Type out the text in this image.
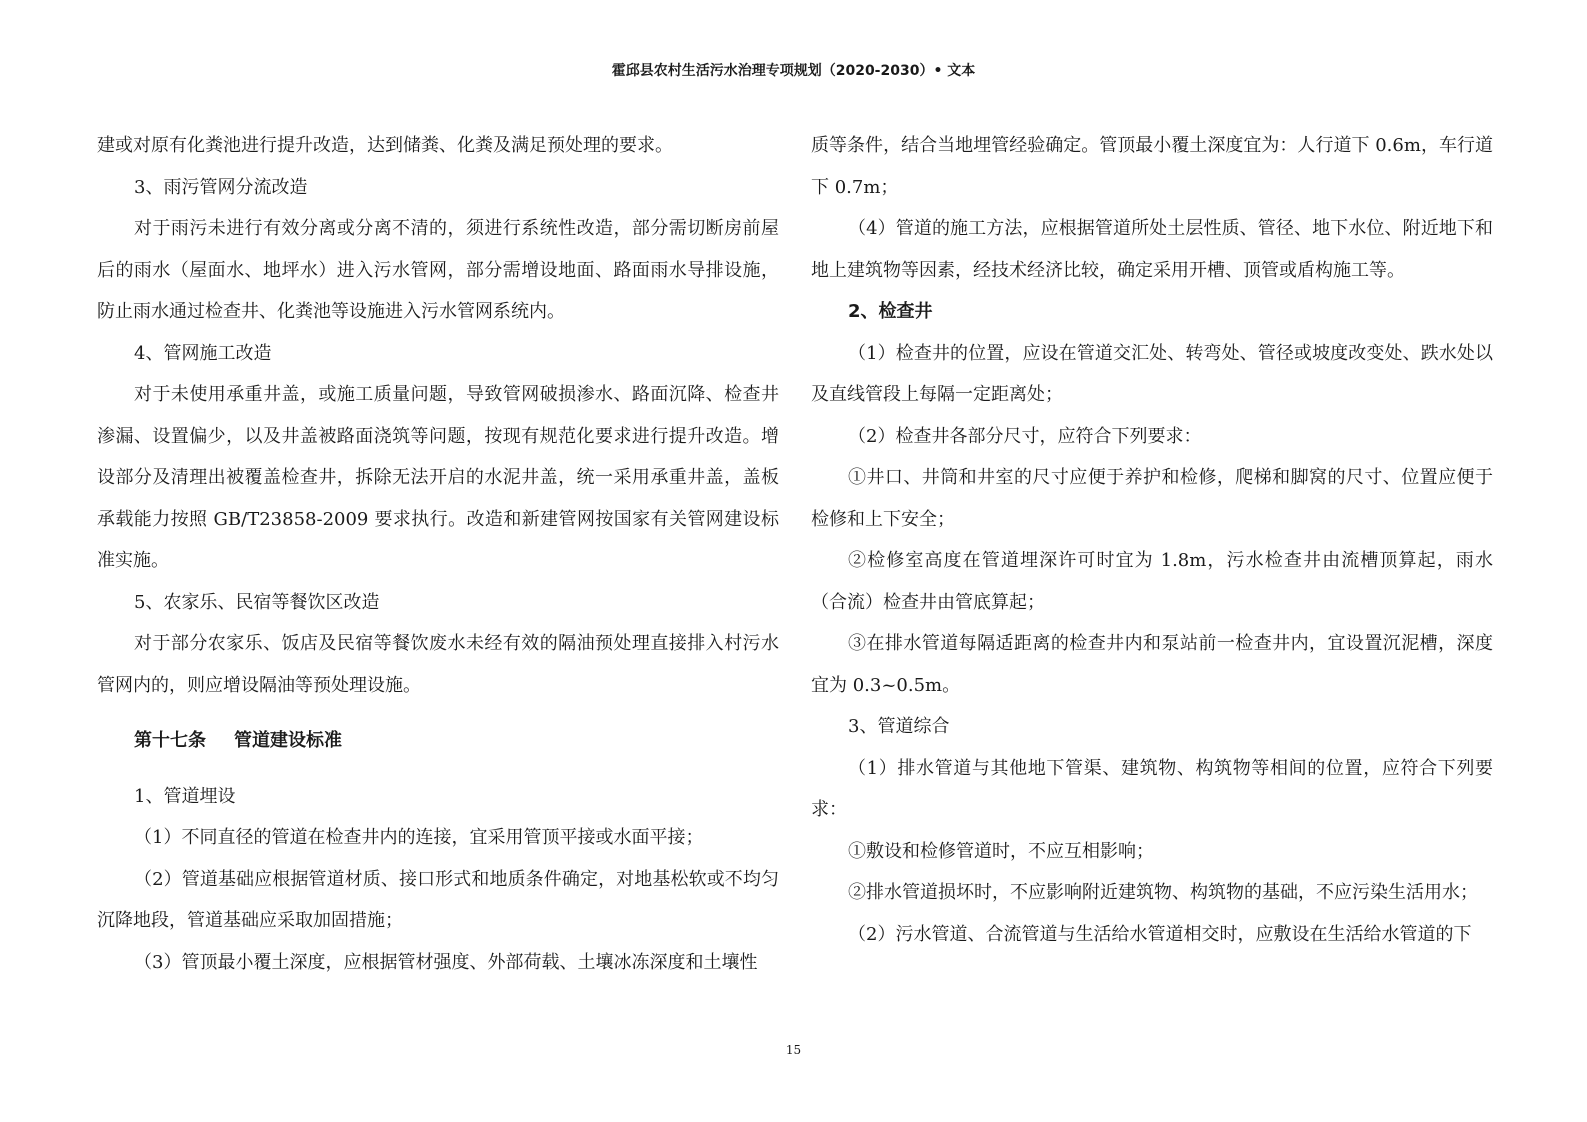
霍邱县农村生活污水治理专项规划（2020-2030）• 文本

建或对原有化粪池进行提升改造，达到储粪、化粪及满足预处理的要求。

3、雨污管网分流改造

对于雨污未进行有效分离或分离不清的，须进行系统性改造，部分需切断房前屋后的雨水（屋面水、地坪水）进入污水管网，部分需增设地面、路面雨水导排设施， 防止雨水通过检查井、化粪池等设施进入污水管网系统内。

4、管网施工改造

对于未使用承重井盖，或施工质量问题，导致管网破损渗水、路面沉降、检查井渗漏、设置偏少，以及井盖被路面浇筑等问题，按现有规范化要求进行提升改造。增设部分及清理出被覆盖检查井，拆除无法开启的水泥井盖，统一采用承重井盖，盖板承载能力按照 GB/T23858-2009 要求执行。改造和新建管网按国家有关管网建设标准实施。

5、农家乐、民宿等餐饮区改造

对于部分农家乐、饭店及民宿等餐饮废水未经有效的隔油预处理直接排入村污水管网内的，则应增设隔油等预处理设施。

第十七条 管道建设标准

1、管道埋设

（1）不同直径的管道在检查井内的连接，宜采用管顶平接或水面平接；

（2）管道基础应根据管道材质、接口形式和地质条件确定，对地基松软或不均匀沉降地段，管道基础应采取加固措施；

（3）管顶最小覆土深度，应根据管材强度、外部荷载、土壤冰冻深度和土壤性

质等条件，结合当地埋管经验确定。管顶最小覆土深度宜为：人行道下 0.6m，车行道下 0.7m；

（4）管道的施工方法，应根据管道所处土层性质、管径、地下水位、附近地下和地上建筑物等因素，经技术经济比较，确定采用开槽、顶管或盾构施工等。

2、检查井

（1）检查井的位置，应设在管道交汇处、转弯处、管径或坡度改变处、跌水处以及直线管段上每隔一定距离处；

（2）检查井各部分尺寸，应符合下列要求：

①井口、井筒和井室的尺寸应便于养护和检修，爬梯和脚窝的尺寸、位置应便于检修和上下安全；

②检修室高度在管道埋深许可时宜为 1.8m，污水检查井由流槽顶算起，雨水（合流）检查井由管底算起；

③在排水管道每隔适距离的检查井内和泵站前一检查井内，宜设置沉泥槽，深度宜为 0.3~0.5m。

3、管道综合

（1）排水管道与其他地下管渠、建筑物、构筑物等相间的位置，应符合下列要求：

①敷设和检修管道时，不应互相影响；

②排水管道损坏时，不应影响附近建筑物、构筑物的基础，不应污染生活用水；

（2）污水管道、合流管道与生活给水管道相交时，应敷设在生活给水管道的下

15
